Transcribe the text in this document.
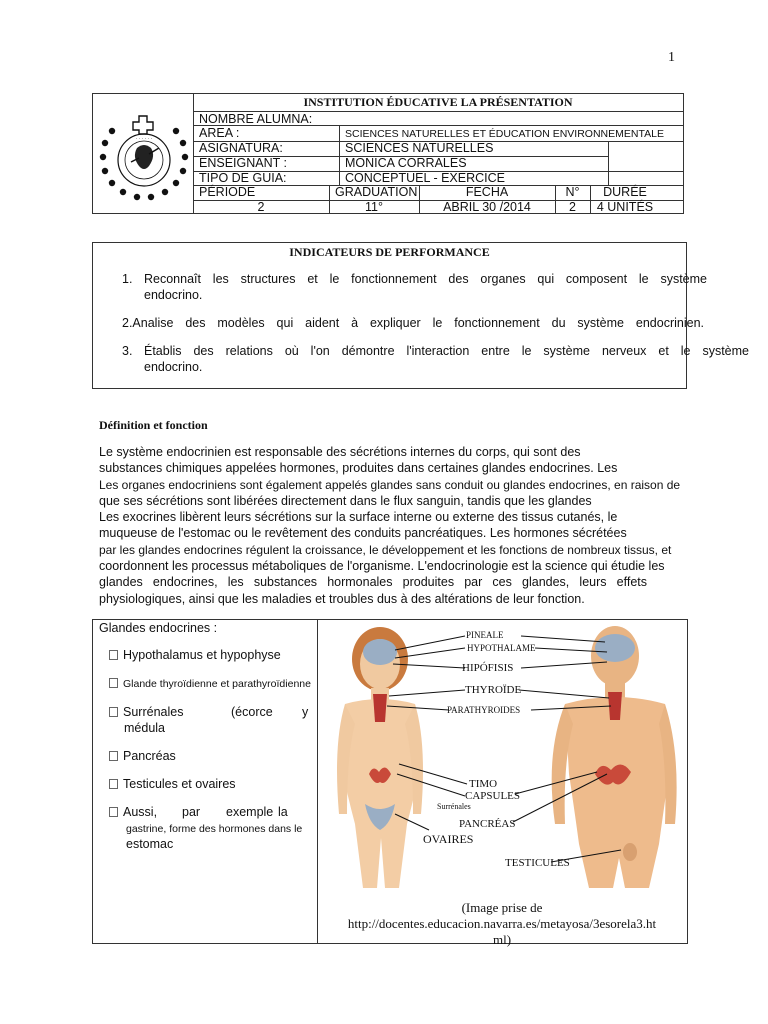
1
· · · · · ·
INSTITUTION ÉDUCATIVE LA PRÉSENTATION
NOMBRE ALUMNA:
AREA :	SCIENCES NATURELLES ET ÉDUCATION ENVIRONNEMENTALE
ASIGNATURA:	SCIENCES NATURELLES
ENSEIGNANT :	MONICA CORRALES
TIPO DE GUIA:	CONCEPTUEL - EXERCICE
PÉRIODE	GRADUATION	FECHA	N°	DURÉE
2	11°	ABRIL 30 /2014	2	4 UNITÉS
INDICATEURS DE PERFORMANCE
1. Reconnaît les structures et le fonctionnement des organes qui composent le système
endocrino.
2.Analise des modèles qui aident à expliquer le fonctionnement du système endocrinien.
3. Établis des relations où l'on démontre l'interaction entre le système nerveux et le système
endocrino.
Définition et fonction
Le système endocrinien est responsable des sécrétions internes du corps, qui sont des
substances chimiques appelées hormones, produites dans certaines glandes endocrines. Les
Les organes endocriniens sont également appelés glandes sans conduit ou glandes endocrines, en raison de
que ses sécrétions sont libérées directement dans le flux sanguin, tandis que les glandes
Les exocrines libèrent leurs sécrétions sur la surface interne ou externe des tissus cutanés, le
muqueuse de l'estomac ou le revêtement des conduits pancréatiques. Les hormones sécrétées
par les glandes endocrines régulent la croissance, le développement et les fonctions de nombreux tissus, et
coordonnent les processus métaboliques de l'organisme. L'endocrinologie est la science qui étudie les
glandes endocrines, les substances hormonales produites par ces glandes, leurs effets
physiologiques, ainsi que les maladies et troubles dus à des altérations de leur fonction.
Glandes endocrines :
Hypothalamus et hypophyse
Glande thyroïdienne et parathyroïdienne
Surrénales	(écorce y
médula
Pancréas
Testicules et ovaires
Aussi, par exemple la
gastrine, forme des hormones dans le
estomac
PINEALE
HYPOTHALAME
HIPÓFISIS
THYROÏDE
PARATHYROIDES
TIMO
CAPSULES
Surrénales
PANCRÉAS
OVAIRES
TESTICULES
(Image prise de
http://docentes.educacion.navarra.es/metayosa/3esorela3.ht
ml)
